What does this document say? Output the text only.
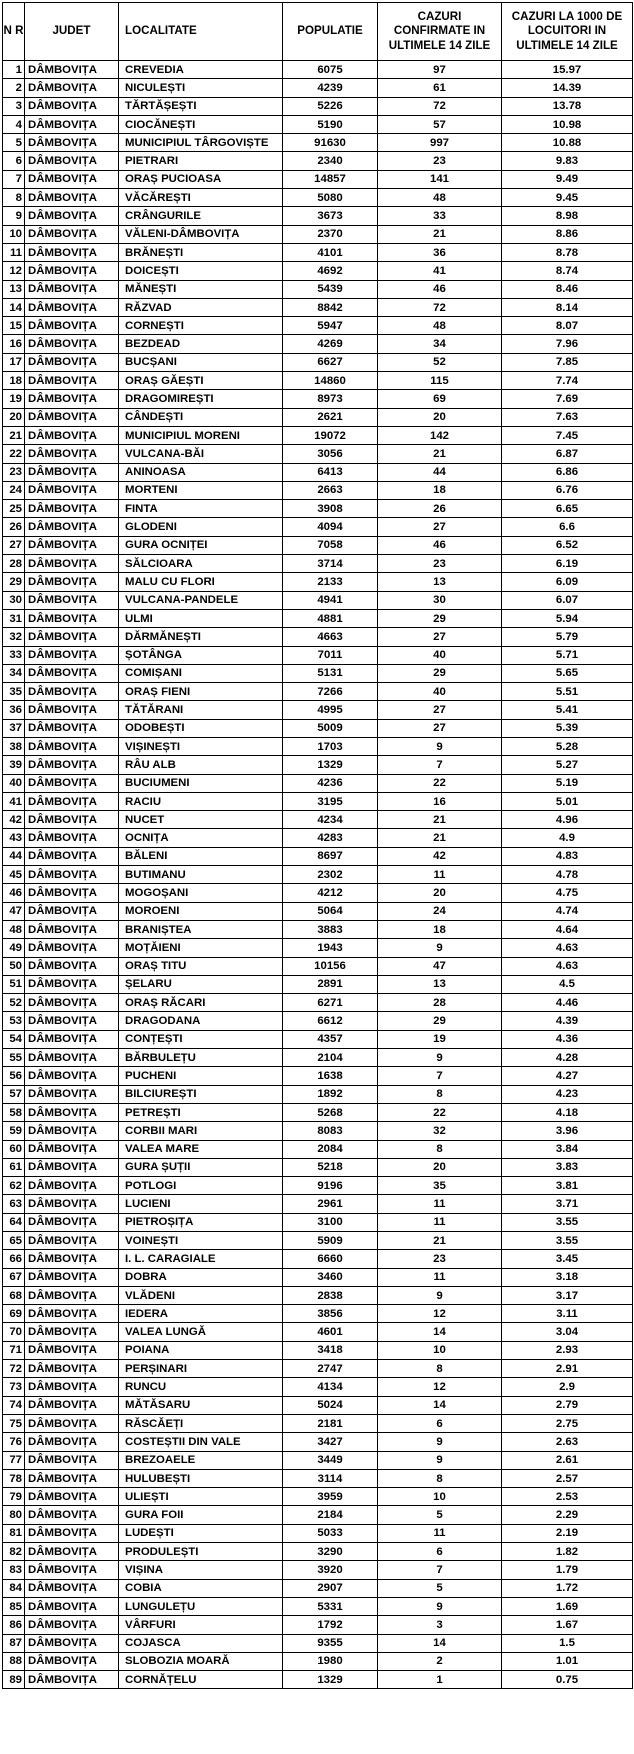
N R	JUDET	LOCALITATE	POPULATIE	CAZURI CONFIRMATE IN ULTIMELE 14 ZILE	CAZURI LA 1000 DE LOCUITORI IN ULTIMELE 14 ZILE
1	DÂMBOVIȚA	CREVEDIA	6075	97	15.97
2	DÂMBOVIȚA	NICULEȘTI	4239	61	14.39
3	DÂMBOVIȚA	TĂRTĂȘEȘTI	5226	72	13.78
4	DÂMBOVIȚA	CIOCĂNEȘTI	5190	57	10.98
5	DÂMBOVIȚA	MUNICIPIUL TÂRGOVIȘTE	91630	997	10.88
6	DÂMBOVIȚA	PIETRARI	2340	23	9.83
7	DÂMBOVIȚA	ORAȘ PUCIOASA	14857	141	9.49
8	DÂMBOVIȚA	VĂCĂREȘTI	5080	48	9.45
9	DÂMBOVIȚA	CRÂNGURILE	3673	33	8.98
10	DÂMBOVIȚA	VĂLENI-DÂMBOVIȚA	2370	21	8.86
11	DÂMBOVIȚA	BRĂNEȘTI	4101	36	8.78
12	DÂMBOVIȚA	DOICEȘTI	4692	41	8.74
13	DÂMBOVIȚA	MĂNEȘTI	5439	46	8.46
14	DÂMBOVIȚA	RĂZVAD	8842	72	8.14
15	DÂMBOVIȚA	CORNEȘTI	5947	48	8.07
16	DÂMBOVIȚA	BEZDEAD	4269	34	7.96
17	DÂMBOVIȚA	BUCȘANI	6627	52	7.85
18	DÂMBOVIȚA	ORAȘ GĂEȘTI	14860	115	7.74
19	DÂMBOVIȚA	DRAGOMIREȘTI	8973	69	7.69
20	DÂMBOVIȚA	CÂNDEȘTI	2621	20	7.63
21	DÂMBOVIȚA	MUNICIPIUL MORENI	19072	142	7.45
22	DÂMBOVIȚA	VULCANA-BĂI	3056	21	6.87
23	DÂMBOVIȚA	ANINOASA	6413	44	6.86
24	DÂMBOVIȚA	MORTENI	2663	18	6.76
25	DÂMBOVIȚA	FINTA	3908	26	6.65
26	DÂMBOVIȚA	GLODENI	4094	27	6.6
27	DÂMBOVIȚA	GURA OCNIȚEI	7058	46	6.52
28	DÂMBOVIȚA	SĂLCIOARA	3714	23	6.19
29	DÂMBOVIȚA	MALU CU FLORI	2133	13	6.09
30	DÂMBOVIȚA	VULCANA-PANDELE	4941	30	6.07
31	DÂMBOVIȚA	ULMI	4881	29	5.94
32	DÂMBOVIȚA	DĂRMĂNEȘTI	4663	27	5.79
33	DÂMBOVIȚA	ȘOTÂNGA	7011	40	5.71
34	DÂMBOVIȚA	COMIȘANI	5131	29	5.65
35	DÂMBOVIȚA	ORAȘ FIENI	7266	40	5.51
36	DÂMBOVIȚA	TĂTĂRANI	4995	27	5.41
37	DÂMBOVIȚA	ODOBEȘTI	5009	27	5.39
38	DÂMBOVIȚA	VIȘINEȘTI	1703	9	5.28
39	DÂMBOVIȚA	RÂU ALB	1329	7	5.27
40	DÂMBOVIȚA	BUCIUMENI	4236	22	5.19
41	DÂMBOVIȚA	RACIU	3195	16	5.01
42	DÂMBOVIȚA	NUCET	4234	21	4.96
43	DÂMBOVIȚA	OCNIȚA	4283	21	4.9
44	DÂMBOVIȚA	BĂLENI	8697	42	4.83
45	DÂMBOVIȚA	BUTIMANU	2302	11	4.78
46	DÂMBOVIȚA	MOGOȘANI	4212	20	4.75
47	DÂMBOVIȚA	MOROENI	5064	24	4.74
48	DÂMBOVIȚA	BRANIȘTEA	3883	18	4.64
49	DÂMBOVIȚA	MOȚĂIENI	1943	9	4.63
50	DÂMBOVIȚA	ORAȘ TITU	10156	47	4.63
51	DÂMBOVIȚA	ȘELARU	2891	13	4.5
52	DÂMBOVIȚA	ORAȘ RĂCARI	6271	28	4.46
53	DÂMBOVIȚA	DRAGODANA	6612	29	4.39
54	DÂMBOVIȚA	CONȚEȘTI	4357	19	4.36
55	DÂMBOVIȚA	BĂRBULEȚU	2104	9	4.28
56	DÂMBOVIȚA	PUCHENI	1638	7	4.27
57	DÂMBOVIȚA	BILCIUREȘTI	1892	8	4.23
58	DÂMBOVIȚA	PETREȘTI	5268	22	4.18
59	DÂMBOVIȚA	CORBII MARI	8083	32	3.96
60	DÂMBOVIȚA	VALEA MARE	2084	8	3.84
61	DÂMBOVIȚA	GURA ȘUȚII	5218	20	3.83
62	DÂMBOVIȚA	POTLOGI	9196	35	3.81
63	DÂMBOVIȚA	LUCIENI	2961	11	3.71
64	DÂMBOVIȚA	PIETROȘIȚA	3100	11	3.55
65	DÂMBOVIȚA	VOINEȘTI	5909	21	3.55
66	DÂMBOVIȚA	I. L. CARAGIALE	6660	23	3.45
67	DÂMBOVIȚA	DOBRA	3460	11	3.18
68	DÂMBOVIȚA	VLĂDENI	2838	9	3.17
69	DÂMBOVIȚA	IEDERA	3856	12	3.11
70	DÂMBOVIȚA	VALEA LUNGĂ	4601	14	3.04
71	DÂMBOVIȚA	POIANA	3418	10	2.93
72	DÂMBOVIȚA	PERȘINARI	2747	8	2.91
73	DÂMBOVIȚA	RUNCU	4134	12	2.9
74	DÂMBOVIȚA	MĂTĂSARU	5024	14	2.79
75	DÂMBOVIȚA	RĂSCĂEȚI	2181	6	2.75
76	DÂMBOVIȚA	COSTEȘTII DIN VALE	3427	9	2.63
77	DÂMBOVIȚA	BREZOAELE	3449	9	2.61
78	DÂMBOVIȚA	HULUBEȘTI	3114	8	2.57
79	DÂMBOVIȚA	ULIEȘTI	3959	10	2.53
80	DÂMBOVIȚA	GURA FOII	2184	5	2.29
81	DÂMBOVIȚA	LUDEȘTI	5033	11	2.19
82	DÂMBOVIȚA	PRODULEȘTI	3290	6	1.82
83	DÂMBOVIȚA	VIȘINA	3920	7	1.79
84	DÂMBOVIȚA	COBIA	2907	5	1.72
85	DÂMBOVIȚA	LUNGULEȚU	5331	9	1.69
86	DÂMBOVIȚA	VÂRFURI	1792	3	1.67
87	DÂMBOVIȚA	COJASCA	9355	14	1.5
88	DÂMBOVIȚA	SLOBOZIA MOARĂ	1980	2	1.01
89	DÂMBOVIȚA	CORNĂȚELU	1329	1	0.75
